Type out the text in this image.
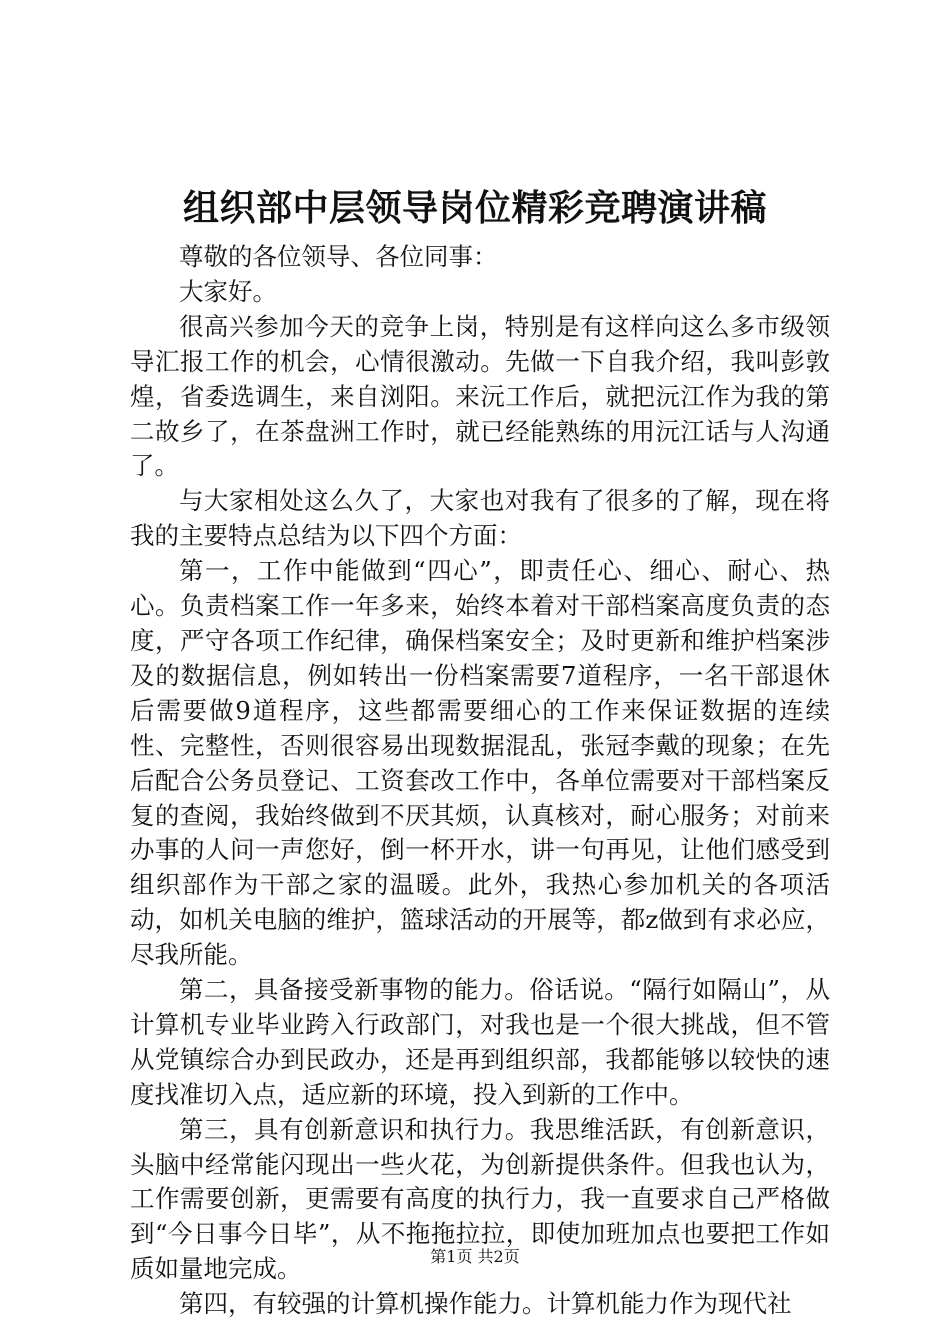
组织部中层领导岗位精彩竞聘演讲稿

尊敬的各位领导、各位同事：

大家好。

很高兴参加今天的竞争上岗，特别是有这样向这么多市级领导汇报工作的机会，心情很激动。先做一下自我介绍，我叫彭敦煌，省委选调生，来自浏阳。来沅工作后，就把沅江作为我的第二故乡了，在茶盘洲工作时，就已经能熟练的用沅江话与人沟通了。

与大家相处这么久了，大家也对我有了很多的了解，现在将我的主要特点总结为以下四个方面：

第一，工作中能做到“四心”，即责任心、细心、耐心、热心。负责档案工作一年多来，始终本着对干部档案高度负责的态度，严守各项工作纪律，确保档案安全；及时更新和维护档案涉及的数据信息，例如转出一份档案需要7道程序，一名干部退休后需要做9道程序，这些都需要细心的工作来保证数据的连续性、完整性，否则很容易出现数据混乱，张冠李戴的现象；在先后配合公务员登记、工资套改工作中，各单位需要对干部档案反复的查阅，我始终做到不厌其烦，认真核对，耐心服务；对前来办事的人问一声您好，倒一杯开水，讲一句再见，让他们感受到组织部作为干部之家的温暖。此外，我热心参加机关的各项活动，如机关电脑的维护，篮球活动的开展等，都z做到有求必应，尽我所能。

第二，具备接受新事物的能力。俗话说。“隔行如隔山”，从计算机专业毕业跨入行政部门，对我也是一个很大挑战，但不管从党镇综合办到民政办，还是再到组织部，我都能够以较快的速度找准切入点，适应新的环境，投入到新的工作中。

第三，具有创新意识和执行力。我思维活跃，有创新意识，头脑中经常能闪现出一些火花，为创新提供条件。但我也认为，工作需要创新，更需要有高度的执行力，我一直要求自己严格做到“今日事今日毕”，从不拖拖拉拉，即使加班加点也要把工作如质如量地完成。

第四，有较强的计算机操作能力。计算机能力作为现代社

第1页 共2页
